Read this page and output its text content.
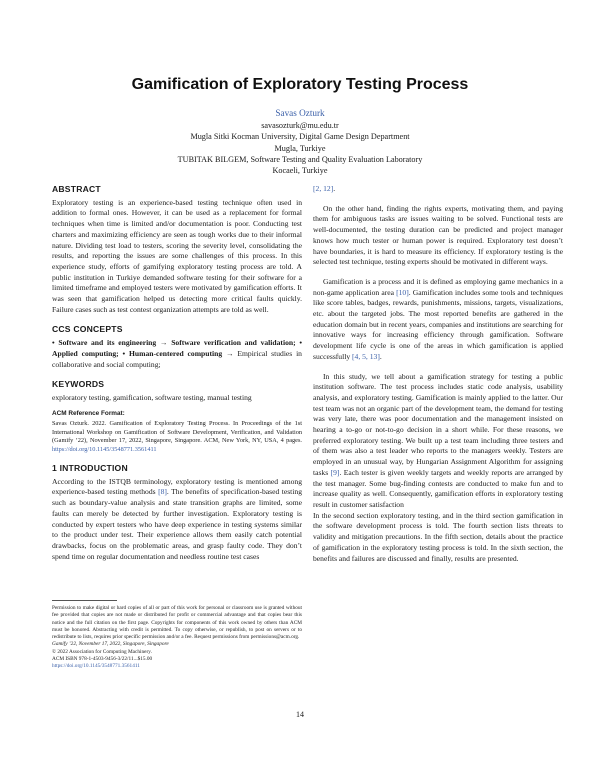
Gamification of Exploratory Testing Process
Savas Ozturk
savasozturk@mu.edu.tr
Mugla Sitki Kocman University, Digital Game Design Department
Mugla, Turkiye
TUBITAK BILGEM, Software Testing and Quality Evaluation Laboratory
Kocaeli, Turkiye
ABSTRACT

Exploratory testing is an experience-based testing technique often used in addition to formal ones. However, it can be used as a replacement for formal techniques when time is limited and/or documentation is poor. Conducting test charters and maximizing efficiency are seen as tough works due to their informal nature. Dividing test load to testers, scoring the severity level, consolidating the results, and reporting the issues are some challenges of this process. In this experience study, efforts of gamifying exploratory testing process are told. A public institution in Turkiye demanded software testing for their software for a limited timeframe and employed testers were motivated by gamification efforts. It was seen that gamification helped us detecting more critical faults quickly. Failure cases such as test contest organization attempts are told as well.

CCS CONCEPTS

• Software and its engineering → Software verification and validation; • Applied computing; • Human-centered computing → Empirical studies in collaborative and social computing;

KEYWORDS

exploratory testing, gamification, software testing, manual testing

ACM Reference Format:
Savas Ozturk. 2022. Gamification of Exploratory Testing Process. In Proceedings of the 1st International Workshop on Gamification of Software Development, Verification, and Validation (Gamify ’22), November 17, 2022, Singapore, Singapore. ACM, New York, NY, USA, 4 pages. https://doi.org/10.1145/3548771.3561411
1 INTRODUCTION

According to the ISTQB terminology, exploratory testing is mentioned among experience-based testing methods [8]. The benefits of specification-based testing such as boundary-value analysis and state transition graphs are limited, some faults can merely be detected by further investigation. Exploratory testing is conducted by expert testers who have deep experience in testing systems similar to the product under test. Their experience allows them easily catch potential drawbacks, focus on the problematic areas, and grasp faulty code. They don’t spend time on regular documentation and needless routine test cases

[2, 12].

On the other hand, finding the rights experts, motivating them, and paying them for ambiguous tasks are issues waiting to be solved. Functional tests are well-documented, the testing duration can be predicted and project manager knows how much tester or human power is required. Exploratory test doesn’t have boundaries, it is hard to measure its efficiency. If exploratory testing is the selected test technique, testing experts should be motivated in different ways.

Gamification is a process and it is defined as employing game mechanics in a non-game application area [10]. Gamification includes some tools and techniques like score tables, badges, rewards, punishments, missions, targets, visualizations, etc. about the targeted jobs. The most reported benefits are gathered in the education domain but in recent years, companies and institutions are searching for innovative ways for increasing efficiency through gamification. Software development life cycle is one of the areas in which gamification is applied successfully [4, 5, 13].

In this study, we tell about a gamification strategy for testing a public institution software. The test process includes static code analysis, usability analysis, and exploratory testing. Gamification is mainly applied to the latter. Our test team was not an organic part of the development team, the demand for testing was very late, there was poor documentation and the management insisted on hearing a to-go or not-to-go decision in a short while. For these reasons, we preferred exploratory testing. We built up a test team including three testers and of them was also a test leader who reports to the managers weekly. Testers are employed in an unusual way, by Hungarian Assignment Algorithm for assigning tasks [9]. Each tester is given weekly targets and weekly reports are arranged by the test manager. Some bug-finding contests are conducted to make fun and to increase quality as well. Consequently, gamification efforts in exploratory testing result in customer satisfaction

In the second section exploratory testing, and in the third section gamification in the software development process is told. The fourth section lists threats to validity and mitigation precautions. In the fifth section, details about the practice of gamification in the exploratory testing process is told. In the sixth section, the benefits and failures are discussed and finally, results are presented.

Permission to make digital or hard copies of all or part of this work for personal or classroom use is granted without fee provided that copies are not made or distributed for profit or commercial advantage and that copies bear this notice and the full citation on the first page. Copyrights for components of this work owned by others than ACM must be honored. Abstracting with credit is permitted. To copy otherwise, or republish, to post on servers or to redistribute to lists, requires prior specific permission and/or a fee. Request permissions from permissions@acm.org.
Gamify ’22, November 17, 2022, Singapore, Singapore
© 2022 Association for Computing Machinery.
ACM ISBN 978-1-4503-9456-3/22/11...$15.00
https://doi.org/10.1145/3548771.3561411
14
